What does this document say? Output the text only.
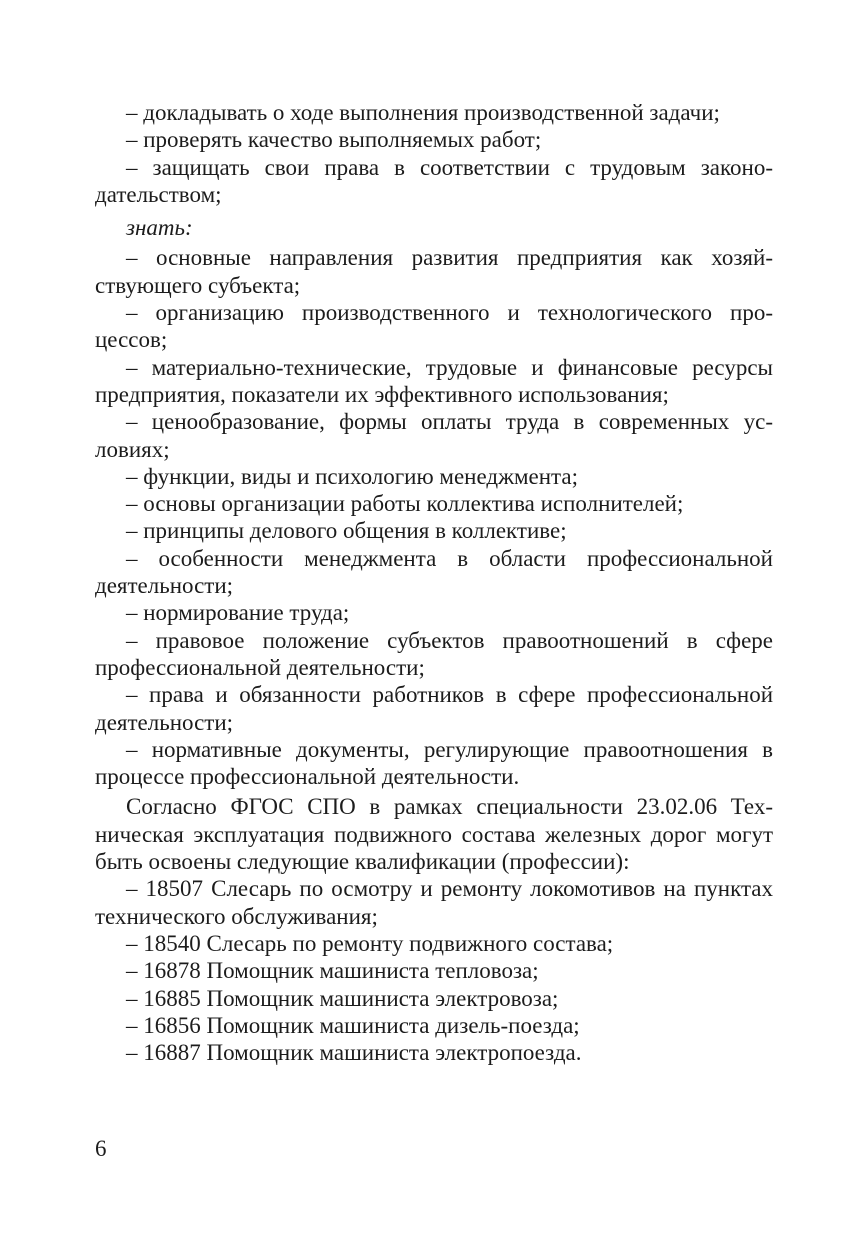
– докладывать о ходе выполнения производственной задачи;

– проверять качество выполняемых работ;

– защищать свои права в соответствии с трудовым законодательством;

знать:

– основные направления развития предприятия как хозяйствующего субъекта;

– организацию производственного и технологического процессов;

– материально-технические, трудовые и финансовые ресурсы предприятия, показатели их эффективного использования;

– ценообразование, формы оплаты труда в современных условиях;

– функции, виды и психологию менеджмента;

– основы организации работы коллектива исполнителей;

– принципы делового общения в коллективе;

– особенности менеджмента в области профессиональной деятельности;

– нормирование труда;

– правовое положение субъектов правоотношений в сфере профессиональной деятельности;

– права и обязанности работников в сфере профессиональной деятельности;

– нормативные документы, регулирующие правоотношения в процессе профессиональной деятельности.

Согласно ФГОС СПО в рамках специальности 23.02.06 Техническая эксплуатация подвижного состава железных дорог могут быть освоены следующие квалификации (профессии):

– 18507 Слесарь по осмотру и ремонту локомотивов на пунктах технического обслуживания;

– 18540 Слесарь по ремонту подвижного состава;

– 16878 Помощник машиниста тепловоза;

– 16885 Помощник машиниста электровоза;

– 16856 Помощник машиниста дизель-поезда;

– 16887 Помощник машиниста электропоезда.

6
